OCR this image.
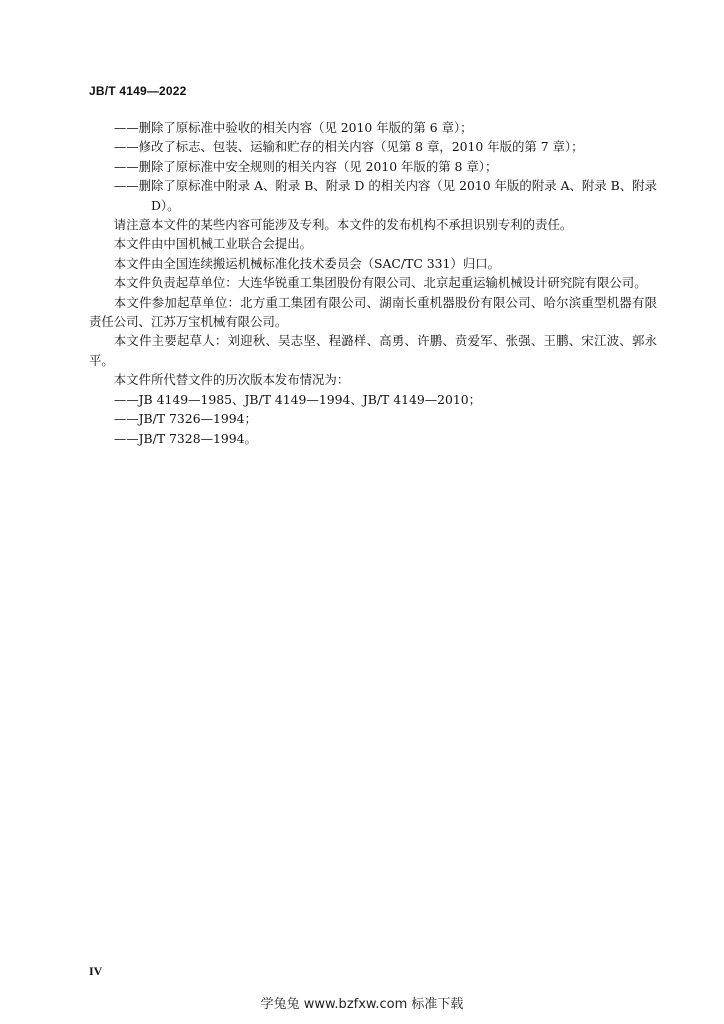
JB/T 4149—2022

——删除了原标准中验收的相关内容（见 2010 年版的第 6 章）；

——修改了标志、包装、运输和贮存的相关内容（见第 8 章，2010 年版的第 7 章）；

——删除了原标准中安全规则的相关内容（见 2010 年版的第 8 章）；

——删除了原标准中附录 A、附录 B、附录 D 的相关内容（见 2010 年版的附录 A、附录 B、附录 D）。

请注意本文件的某些内容可能涉及专利。本文件的发布机构不承担识别专利的责任。

本文件由中国机械工业联合会提出。

本文件由全国连续搬运机械标准化技术委员会（SAC/TC 331）归口。

本文件负责起草单位：大连华锐重工集团股份有限公司、北京起重运输机械设计研究院有限公司。

本文件参加起草单位：北方重工集团有限公司、湖南长重机器股份有限公司、哈尔滨重型机器有限责任公司、江苏万宝机械有限公司。

本文件主要起草人：刘迎秋、吴志坚、程潞样、高勇、许鹏、贲爱军、张强、王鹏、宋江波、郭永平。

本文件所代替文件的历次版本发布情况为：

——JB 4149—1985、JB/T 4149—1994、JB/T 4149—2010；

——JB/T 7326—1994；

——JB/T 7328—1994。

IV
学兔兔 www.bzfxw.com 标准下载
